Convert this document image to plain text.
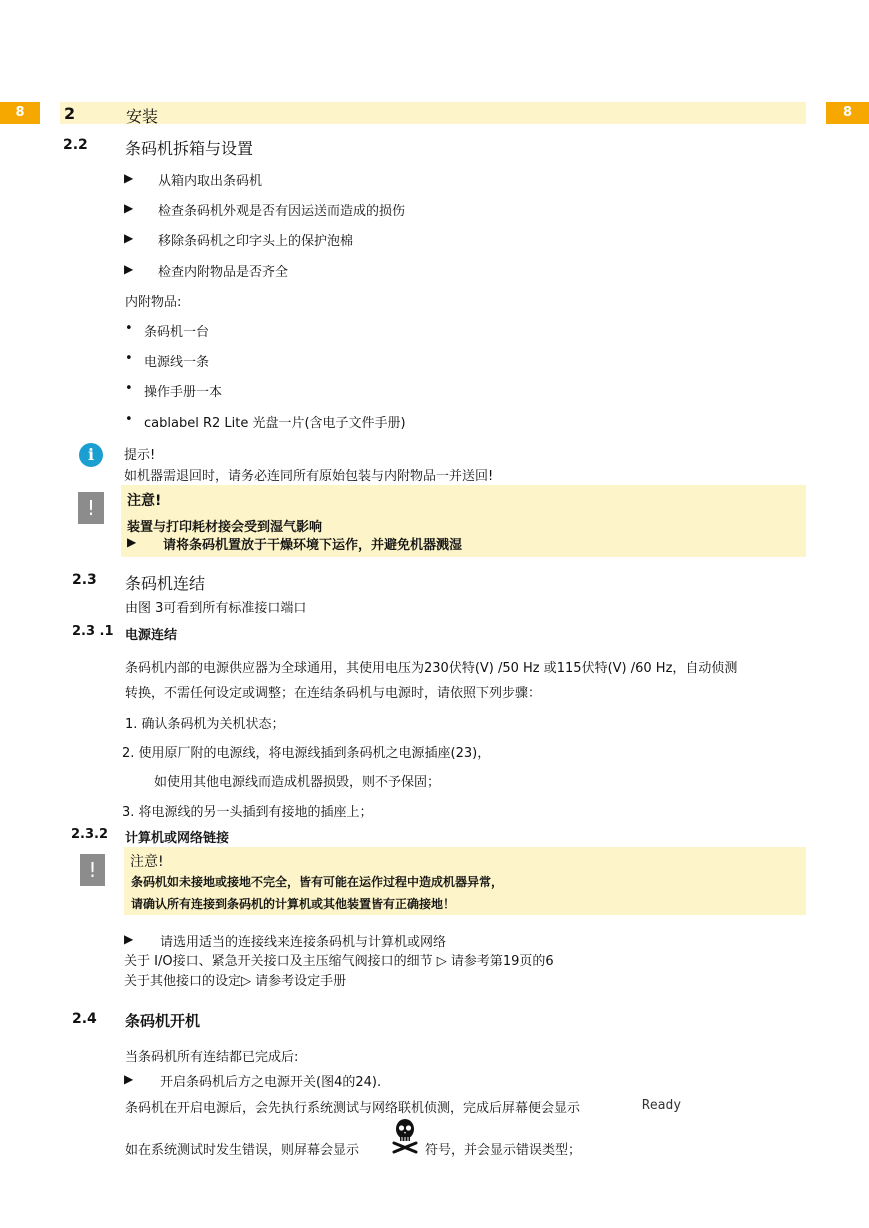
8	2	安装	8
2.2 条码机拆箱与设置
▶ 从箱内取出条码机
▶ 检查条码机外观是否有因运送而造成的损伤
▶ 移除条码机之印字头上的保护泡棉
▶ 检查内附物品是否齐全
内附物品:
• 条码机一台
• 电源线一条
• 操作手册一本
• cablabel R2 Lite 光盘一片(含电子文件手册)
i	提示!
如机器需退回时，请务必连同所有原始包装与内附物品一并送回!
!	注意!
装置与打印耗材接会受到湿气影响
▶ 请将条码机置放于干燥环境下运作，并避免机器溅湿
2.3 条码机连结
由图 3可看到所有标准接口端口
2.3 .1 电源连结
条码机内部的电源供应器为全球通用，其使用电压为230伏特(V) /50 Hz 或115伏特(V) /60 Hz，自动侦测
转换，不需任何设定或调整；在连结条码机与电源时，请依照下列步骤：
1. 确认条码机为关机状态；
2. 使用原厂附的电源线，将电源线插到条码机之电源插座(23)，
如使用其他电源线而造成机器损毁，则不予保固；
3. 将电源线的另一头插到有接地的插座上；
2.3.2 计算机或网络链接
!	注意!
条码机如未接地或接地不完全，皆有可能在运作过程中造成机器异常，
请确认所有连接到条码机的计算机或其他装置皆有正确接地！
▶ 请选用适当的连接线来连接条码机与计算机或网络
关于 I/O接口、紧急开关接口及主压缩气阀接口的细节 ▷ 请参考第19页的6
关于其他接口的设定▷ 请参考设定手册
2.4 条码机开机
当条码机所有连结都已完成后:
▶ 开启条码机后方之电源开关(图4的24).
条码机在开启电源后，会先执行系统测试与网络联机侦测，完成后屏幕便会显示	Ready
如在系统测试时发生错误，则屏幕会显示	符号，并会显示错误类型；
